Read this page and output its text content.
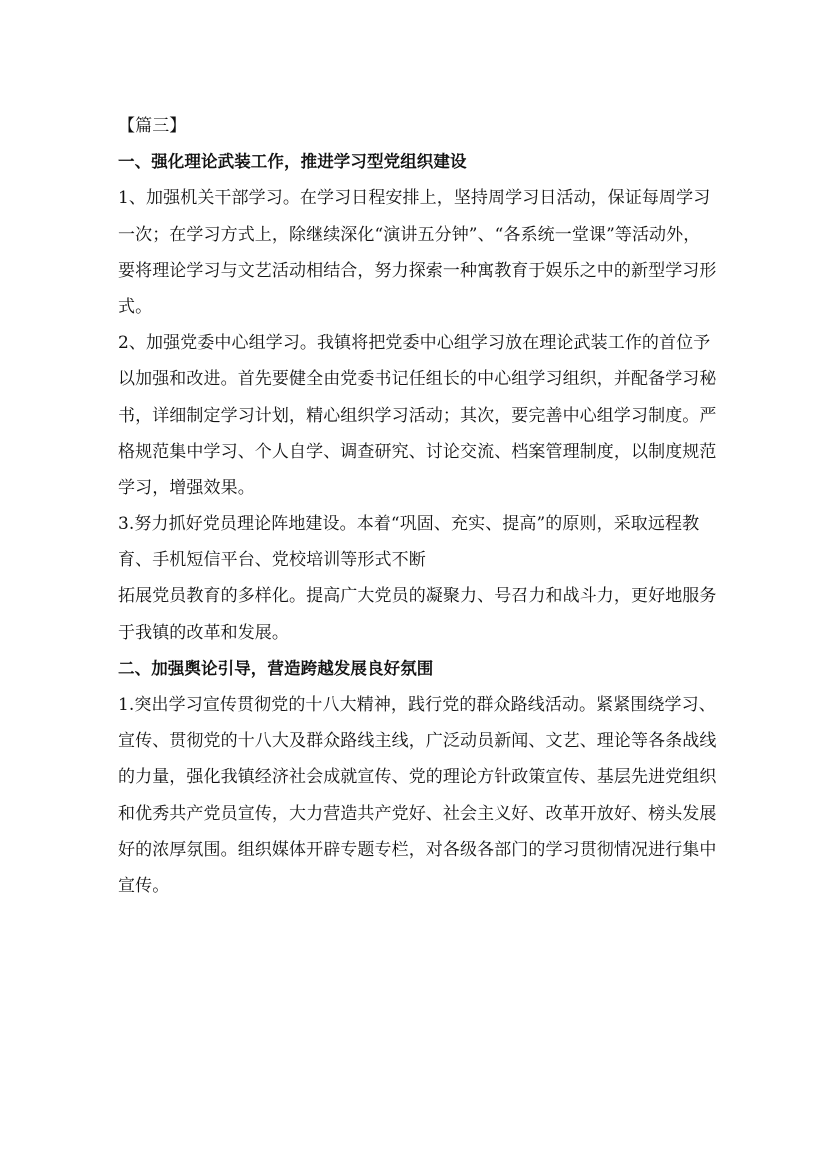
【篇三】
一、强化理论武装工作，推进学习型党组织建设
1、加强机关干部学习。在学习日程安排上，坚持周学习日活动，保证每周学习
一次；在学习方式上，除继续深化“演讲五分钟”、“各系统一堂课”等活动外，
要将理论学习与文艺活动相结合，努力探索一种寓教育于娱乐之中的新型学习形
式。
2、加强党委中心组学习。我镇将把党委中心组学习放在理论武装工作的首位予
以加强和改进。首先要健全由党委书记任组长的中心组学习组织，并配备学习秘
书，详细制定学习计划，精心组织学习活动；其次，要完善中心组学习制度。严
格规范集中学习、个人自学、调查研究、讨论交流、档案管理制度，以制度规范
学习，增强效果。
3.努力抓好党员理论阵地建设。本着“巩固、充实、提高”的原则，采取远程教
育、手机短信平台、党校培训等形式不断
拓展党员教育的多样化。提高广大党员的凝聚力、号召力和战斗力，更好地服务
于我镇的改革和发展。
二、加强舆论引导，营造跨越发展良好氛围
1.突出学习宣传贯彻党的十八大精神，践行党的群众路线活动。紧紧围绕学习、
宣传、贯彻党的十八大及群众路线主线，广泛动员新闻、文艺、理论等各条战线
的力量，强化我镇经济社会成就宣传、党的理论方针政策宣传、基层先进党组织
和优秀共产党员宣传，大力营造共产党好、社会主义好、改革开放好、榜头发展
好的浓厚氛围。组织媒体开辟专题专栏，对各级各部门的学习贯彻情况进行集中
宣传。
